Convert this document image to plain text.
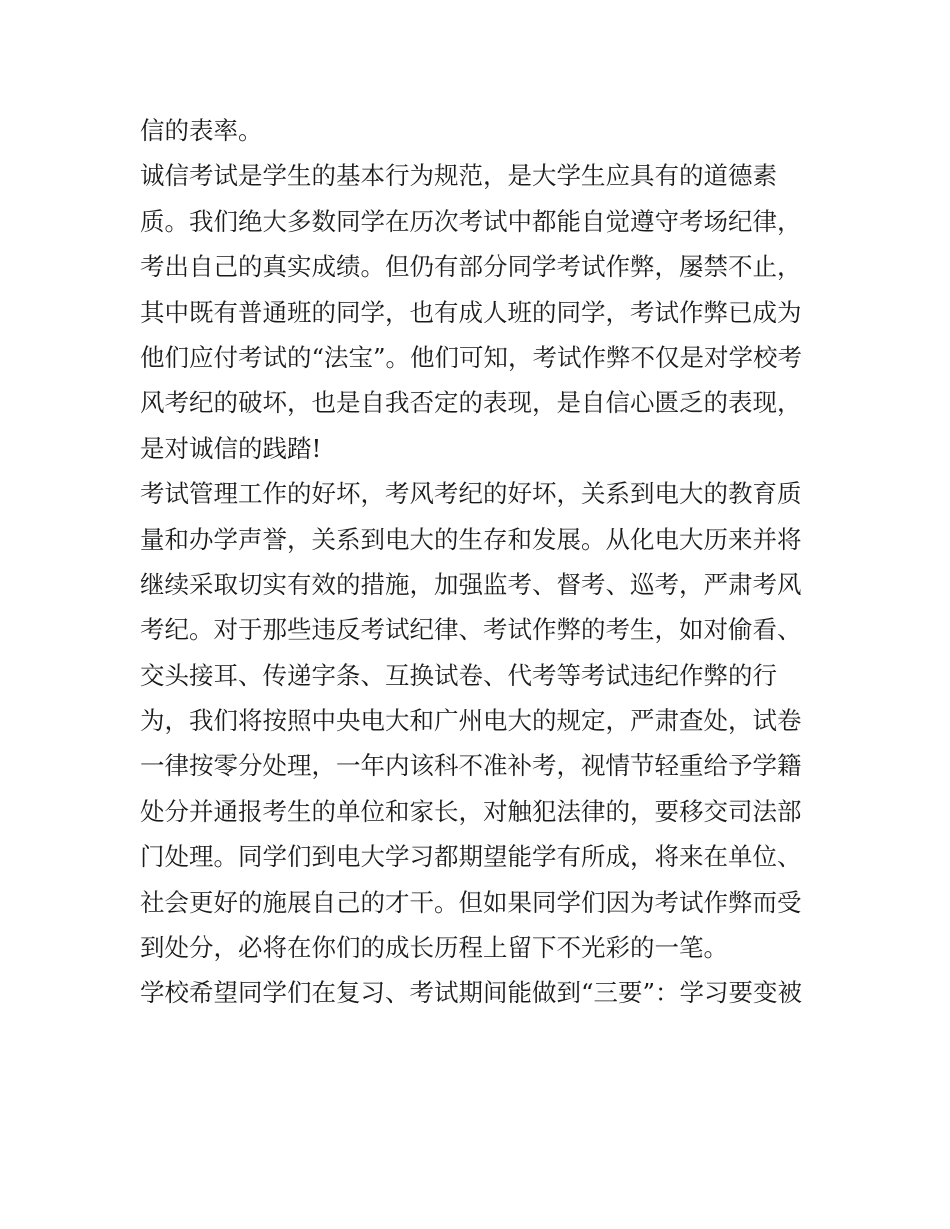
信的表率。
诚信考试是学生的基本行为规范，是大学生应具有的道德素
质。我们绝大多数同学在历次考试中都能自觉遵守考场纪律，
考出自己的真实成绩。但仍有部分同学考试作弊，屡禁不止，
其中既有普通班的同学，也有成人班的同学，考试作弊已成为
他们应付考试的“法宝”。他们可知，考试作弊不仅是对学校考
风考纪的破坏，也是自我否定的表现，是自信心匮乏的表现，
是对诚信的践踏!
考试管理工作的好坏，考风考纪的好坏，关系到电大的教育质
量和办学声誉，关系到电大的生存和发展。从化电大历来并将
继续采取切实有效的措施，加强监考、督考、巡考，严肃考风
考纪。对于那些违反考试纪律、考试作弊的考生，如对偷看、
交头接耳、传递字条、互换试卷、代考等考试违纪作弊的行
为，我们将按照中央电大和广州电大的规定，严肃查处，试卷
一律按零分处理，一年内该科不准补考，视情节轻重给予学籍
处分并通报考生的单位和家长，对触犯法律的，要移交司法部
门处理。同学们到电大学习都期望能学有所成，将来在单位、
社会更好的施展自己的才干。但如果同学们因为考试作弊而受
到处分，必将在你们的成长历程上留下不光彩的一笔。
学校希望同学们在复习、考试期间能做到“三要”：学习要变被
